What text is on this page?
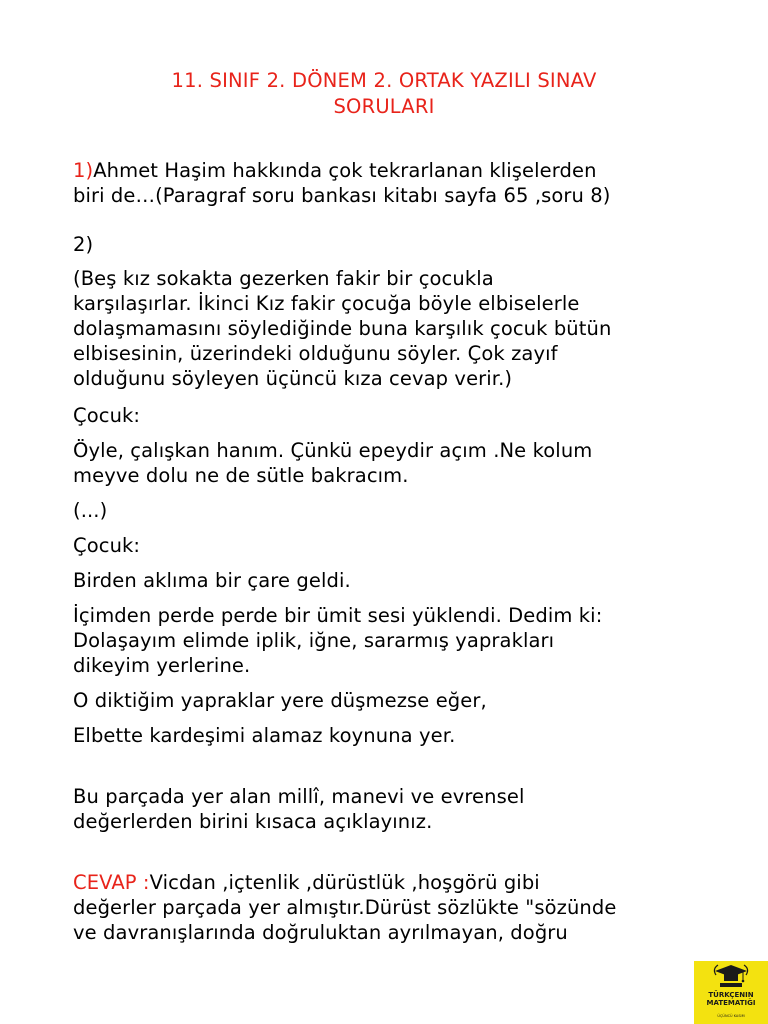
11. SINIF 2. DÖNEM 2. ORTAK YAZILI SINAV
SORULARI

1)Ahmet Haşim hakkında çok tekrarlanan klişelerden

biri de…(Paragraf soru bankası kitabı sayfa 65 ,soru 8)

2)

(Beş kız sokakta gezerken fakir bir çocukla

karşılaşırlar. İkinci Kız fakir çocuğa böyle elbiselerle

dolaşmamasını söylediğinde buna karşılık çocuk bütün

elbisesinin, üzerindeki olduğunu söyler. Çok zayıf

olduğunu söyleyen üçüncü kıza cevap verir.)

Çocuk:

Öyle, çalışkan hanım. Çünkü epeydir açım .Ne kolum

meyve dolu ne de sütle bakracım.

(...)

Çocuk:

Birden aklıma bir çare geldi.

İçimden perde perde bir ümit sesi yüklendi. Dedim ki:

Dolaşayım elimde iplik, iğne, sararmış yaprakları

dikeyim yerlerine.

O diktiğim yapraklar yere düşmezse eğer,

Elbette kardeşimi alamaz koynuna yer.

Bu parçada yer alan millî, manevi ve evrensel

değerlerden birini kısaca açıklayınız.

CEVAP :Vicdan ,içtenlik ,dürüstlük ,hoşgörü gibi

değerler parçada yer almıştır.Dürüst sözlükte "sözünde

ve davranışlarında doğruluktan ayrılmayan, doğru

TÜRKÇENIN
MATEMATIĞI
ÜÇÜNCÜ KASIM
